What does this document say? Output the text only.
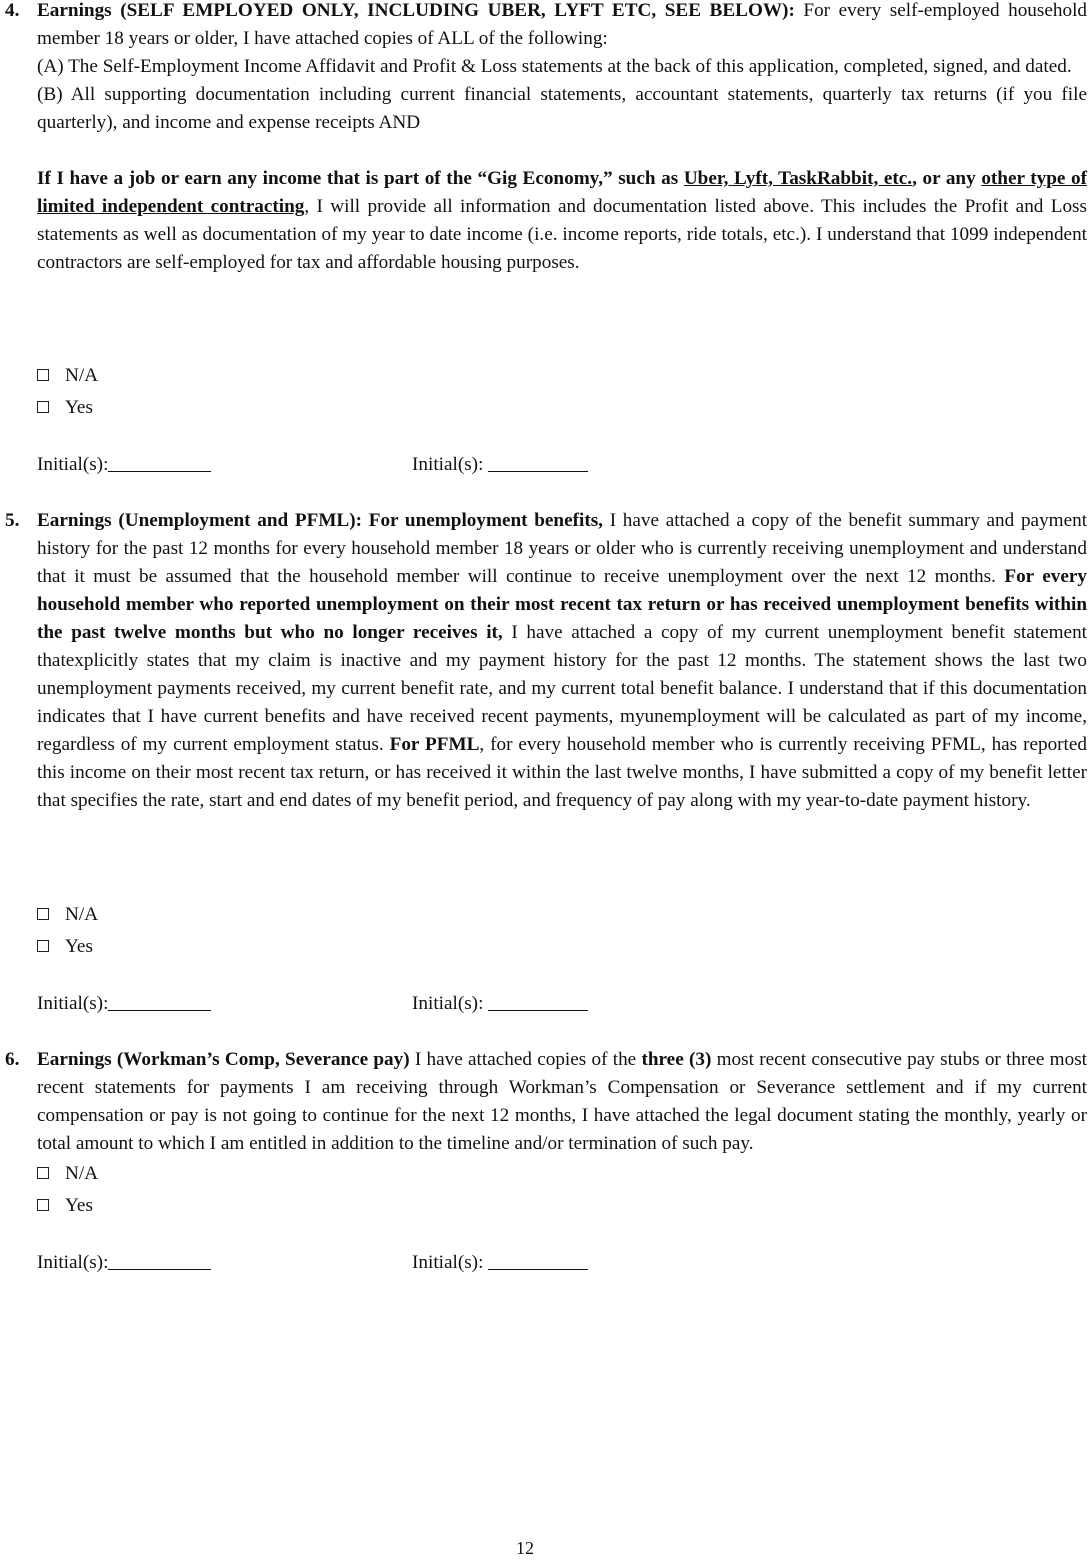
4. Earnings (SELF EMPLOYED ONLY, INCLUDING UBER, LYFT ETC, SEE BELOW): For every self-employed household member 18 years or older, I have attached copies of ALL of the following:

(A) The Self-Employment Income Affidavit and Profit & Loss statements at the back of this application, completed, signed, and dated.

(B) All supporting documentation including current financial statements, accountant statements, quarterly tax returns (if you file quarterly), and income and expense receipts AND

If I have a job or earn any income that is part of the “Gig Economy,” such as Uber, Lyft, TaskRabbit, etc., or any other type of limited independent contracting, I will provide all information and documentation listed above. This includes the Profit and Loss statements as well as documentation of my year to date income (i.e. income reports, ride totals, etc.). I understand that 1099 independent contractors are self-employed for tax and affordable housing purposes.

N/A
Yes
Initial(s):	Initial(s):
5. Earnings (Unemployment and PFML): For unemployment benefits, I have attached a copy of the benefit summary and payment history for the past 12 months for every household member 18 years or older who is currently receiving unemployment and understand that it must be assumed that the household member will continue to receive unemployment over the next 12 months. For every household member who reported unemployment on their most recent tax return or has received unemployment benefits within the past twelve months but who no longer receives it, I have attached a copy of my current unemployment benefit statement thatexplicitly states that my claim is inactive and my payment history for the past 12 months. The statement shows the last two unemployment payments received, my current benefit rate, and my current total benefit balance. I understand that if this documentation indicates that I have current benefits and have received recent payments, myunemployment will be calculated as part of my income, regardless of my current employment status. For PFML, for every household member who is currently receiving PFML, has reported this income on their most recent tax return, or has received it within the last twelve months, I have submitted a copy of my benefit letter that specifies the rate, start and end dates of my benefit period, and frequency of pay along with my year-to-date payment history.

N/A
Yes
Initial(s):	Initial(s):
6. Earnings (Workman’s Comp, Severance pay) I have attached copies of the three (3) most recent consecutive pay stubs or three most recent statements for payments I am receiving through Workman’s Compensation or Severance settlement and if my current compensation or pay is not going to continue for the next 12 months, I have attached the legal document stating the monthly, yearly or total amount to which I am entitled in addition to the timeline and/or termination of such pay.

N/A
Yes
Initial(s):	Initial(s):
12
